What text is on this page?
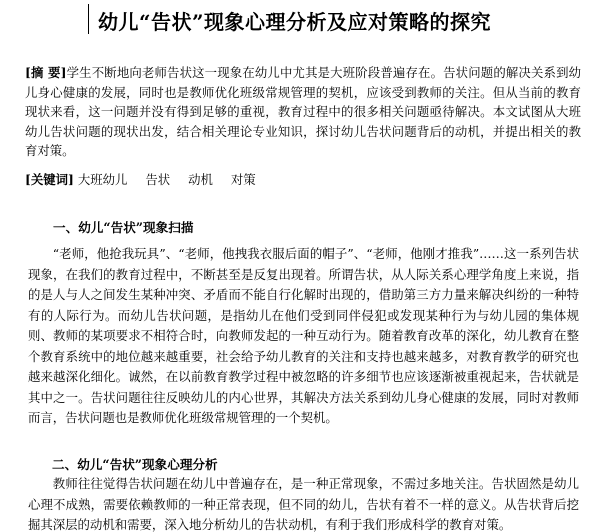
幼儿“告状”现象心理分析及应对策略的探究
[摘 要]学生不断地向老师告状这一现象在幼儿中尤其是大班阶段普遍存在。告状问题的解决关系到幼儿身心健康的发展，同时也是教师优化班级常规管理的契机，应该受到教师的关注。但从当前的教育现状来看，这一问题并没有得到足够的重视，教育过程中的很多相关问题亟待解决。本文试图从大班幼儿告状问题的现状出发，结合相关理论专业知识，探讨幼儿告状问题背后的动机，并提出相关的教育对策。
[关键词] 大班幼儿 告状 动机 对策
一、幼儿“告状”现象扫描
“老师，他抢我玩具”、“老师，他拽我衣服后面的帽子”、“老师，他刚才推我”……这一系列告状现象，在我们的教育过程中，不断甚至是反复出现着。所谓告状，从人际关系心理学角度上来说，指的是人与人之间发生某种冲突、矛盾而不能自行化解时出现的，借助第三方力量来解决纠纷的一种特有的人际行为。而幼儿告状问题，是指幼儿在他们受到同伴侵犯或发现某种行为与幼儿园的集体规则、教师的某项要求不相符合时，向教师发起的一种互动行为。随着教育改革的深化，幼儿教育在整个教育系统中的地位越来越重要，社会给予幼儿教育的关注和支持也越来越多，对教育教学的研究也越来越深化细化。诚然，在以前教育教学过程中被忽略的许多细节也应该逐渐被重视起来，告状就是其中之一。告状问题往往反映幼儿的内心世界，其解决方法关系到幼儿身心健康的发展，同时对教师而言，告状问题也是教师优化班级常规管理的一个契机。
二、幼儿“告状”现象心理分析
教师往往觉得告状问题在幼儿中普遍存在，是一种正常现象，不需过多地关注。告状固然是幼儿心理不成熟，需要依赖教师的一种正常表现，但不同的幼儿，告状有着不一样的意义。从告状背后挖掘其深层的动机和需要，深入地分析幼儿的告状动机，有利于我们形成科学的教育对策。
